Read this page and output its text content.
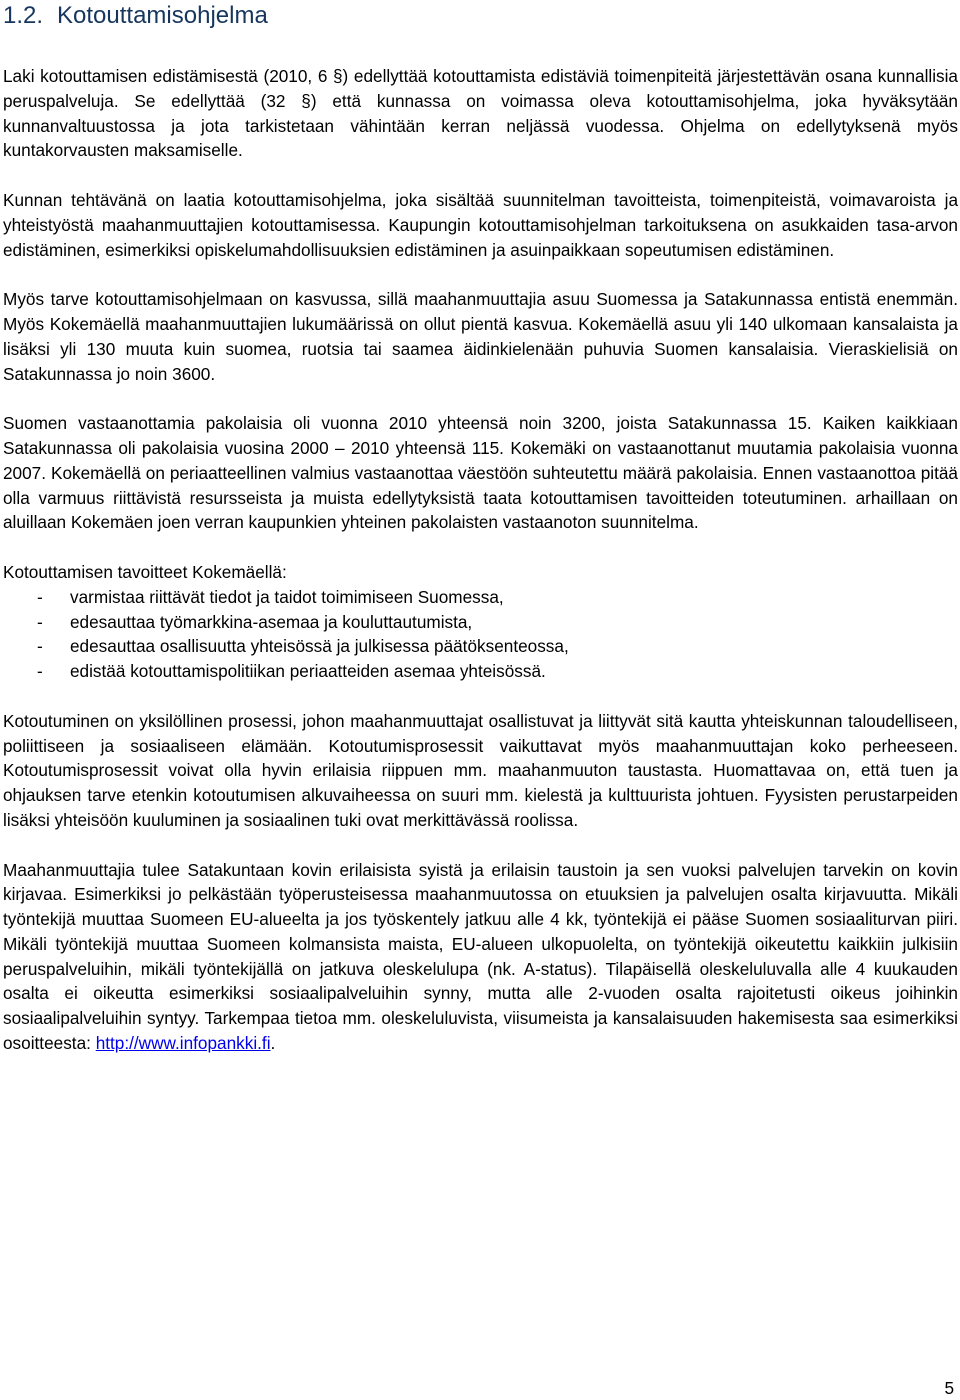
1.2. Kotouttamisohjelma

Laki kotouttamisen edistämisestä (2010, 6 §) edellyttää kotouttamista edistäviä toimenpiteitä järjestettävän osana kunnallisia peruspalveluja. Se edellyttää (32 §) että kunnassa on voimassa oleva kotouttamisohjelma, joka hyväksytään kunnanvaltuustossa ja jota tarkistetaan vähintään kerran neljässä vuodessa. Ohjelma on edellytyksenä myös kuntakorvausten maksamiselle.

Kunnan tehtävänä on laatia kotouttamisohjelma, joka sisältää suunnitelman tavoitteista, toimenpiteistä, voimavaroista ja yhteistyöstä maahanmuuttajien kotouttamisessa. Kaupungin kotouttamisohjelman tarkoituksena on asukkaiden tasa-arvon edistäminen, esimerkiksi opiskelumahdollisuuksien edistäminen ja asuinpaikkaan sopeutumisen edistäminen.

Myös tarve kotouttamisohjelmaan on kasvussa, sillä maahanmuuttajia asuu Suomessa ja Satakunnassa entistä enemmän. Myös Kokemäellä maahanmuuttajien lukumäärissä on ollut pientä kasvua. Kokemäellä asuu yli 140 ulkomaan kansalaista ja lisäksi yli 130 muuta kuin suomea, ruotsia tai saamea äidinkielenään puhuvia Suomen kansalaisia. Vieraskielisiä on Satakunnassa jo noin 3600.

Suomen vastaanottamia pakolaisia oli vuonna 2010 yhteensä noin 3200, joista Satakunnassa 15. Kaiken kaikkiaan Satakunnassa oli pakolaisia vuosina 2000 – 2010 yhteensä 115. Kokemäki on vastaanottanut muutamia pakolaisia vuonna 2007. Kokemäellä on periaatteellinen valmius vastaanottaa väestöön suhteutettu määrä pakolaisia. Ennen vastaanottoa pitää olla varmuus riittävistä resursseista ja muista edellytyksistä taata kotouttamisen tavoitteiden toteutuminen. arhaillaan on aluillaan Kokemäen joen verran kaupunkien yhteinen pakolaisten vastaanoton suunnitelma.

Kotouttamisen tavoitteet Kokemäellä:

- varmistaa riittävät tiedot ja taidot toimimiseen Suomessa,
- edesauttaa työmarkkina-asemaa ja kouluttautumista,
- edesauttaa osallisuutta yhteisössä ja julkisessa päätöksenteossa,
- edistää kotouttamispolitiikan periaatteiden asemaa yhteisössä.

Kotoutuminen on yksilöllinen prosessi, johon maahanmuuttajat osallistuvat ja liittyvät sitä kautta yhteiskunnan taloudelliseen, poliittiseen ja sosiaaliseen elämään. Kotoutumisprosessit vaikuttavat myös maahanmuuttajan koko perheeseen. Kotoutumisprosessit voivat olla hyvin erilaisia riippuen mm. maahanmuuton taustasta. Huomattavaa on, että tuen ja ohjauksen tarve etenkin kotoutumisen alkuvaiheessa on suuri mm. kielestä ja kulttuurista johtuen. Fyysisten perustarpeiden lisäksi yhteisöön kuuluminen ja sosiaalinen tuki ovat merkittävässä roolissa.

Maahanmuuttajia tulee Satakuntaan kovin erilaisista syistä ja erilaisin taustoin ja sen vuoksi palvelujen tarvekin on kovin kirjavaa. Esimerkiksi jo pelkästään työperusteisessa maahanmuutossa on etuuksien ja palvelujen osalta kirjavuutta. Mikäli työntekijä muuttaa Suomeen EU-alueelta ja jos työskentely jatkuu alle 4 kk, työntekijä ei pääse Suomen sosiaaliturvan piiri. Mikäli työntekijä muuttaa Suomeen kolmansista maista, EU-alueen ulkopuolelta, on työntekijä oikeutettu kaikkiin julkisiin peruspalveluihin, mikäli työntekijällä on jatkuva oleskelulupa (nk. A-status). Tilapäisellä oleskeluluvalla alle 4 kuukauden osalta ei oikeutta esimerkiksi sosiaalipalveluihin synny, mutta alle 2-vuoden osalta rajoitetusti oikeus joihinkin sosiaalipalveluihin syntyy. Tarkempaa tietoa mm. oleskeluluvista, viisumeista ja kansalaisuuden hakemisesta saa esimerkiksi osoitteesta: http://www.infopankki.fi.

5
